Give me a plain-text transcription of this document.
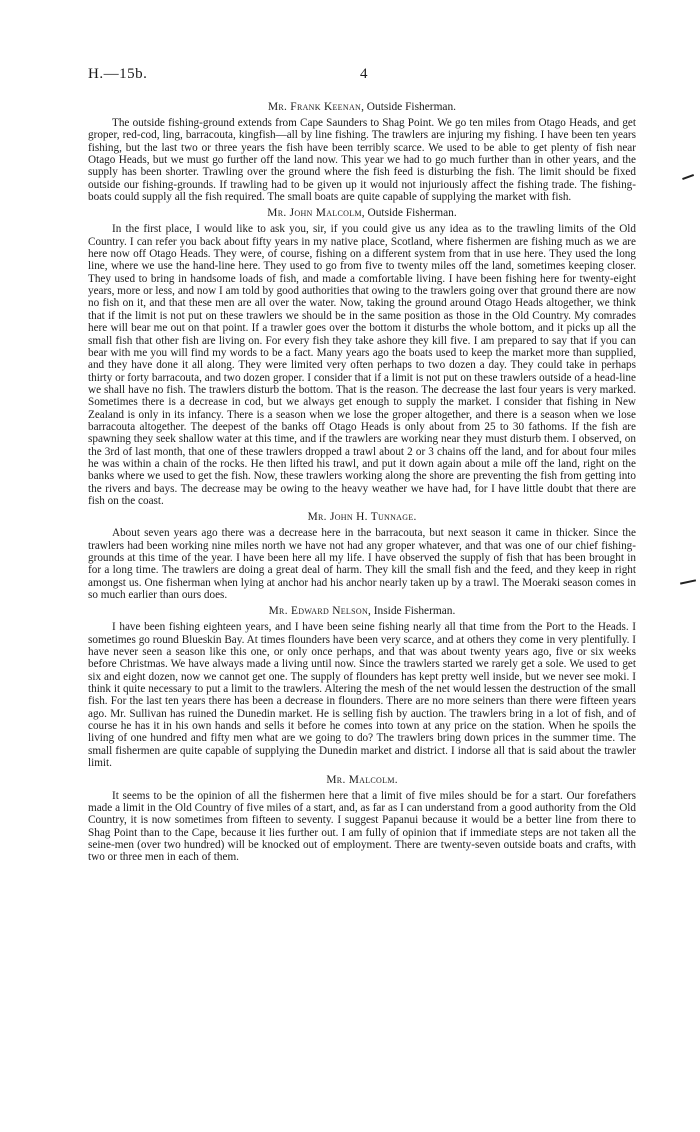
H.—15b.	4
Mr. Frank Keenan, Outside Fisherman.

The outside fishing-ground extends from Cape Saunders to Shag Point. We go ten miles from Otago Heads, and get groper, red-cod, ling, barracouta, kingfish—all by line fishing. The trawlers are injuring my fishing. I have been ten years fishing, but the last two or three years the fish have been terribly scarce. We used to be able to get plenty of fish near Otago Heads, but we must go further off the land now. This year we had to go much further than in other years, and the supply has been shorter. Trawling over the ground where the fish feed is disturbing the fish. The limit should be fixed outside our fishing-grounds. If trawling had to be given up it would not injuriously affect the fishing trade. The fishing-boats could supply all the fish required. The small boats are quite capable of supplying the market with fish.

Mr. John Malcolm, Outside Fisherman.

In the first place, I would like to ask you, sir, if you could give us any idea as to the trawling limits of the Old Country. I can refer you back about fifty years in my native place, Scotland, where fishermen are fishing much as we are here now off Otago Heads. They were, of course, fishing on a different system from that in use here. They used the long line, where we use the hand-line here. They used to go from five to twenty miles off the land, sometimes keeping closer. They used to bring in handsome loads of fish, and made a comfortable living. I have been fishing here for twenty-eight years, more or less, and now I am told by good authorities that owing to the trawlers going over that ground there are now no fish on it, and that these men are all over the water. Now, taking the ground around Otago Heads altogether, we think that if the limit is not put on these trawlers we should be in the same position as those in the Old Country. My comrades here will bear me out on that point. If a trawler goes over the bottom it disturbs the whole bottom, and it picks up all the small fish that other fish are living on. For every fish they take ashore they kill five. I am prepared to say that if you can bear with me you will find my words to be a fact. Many years ago the boats used to keep the market more than supplied, and they have done it all along. They were limited very often perhaps to two dozen a day. They could take in perhaps thirty or forty barracouta, and two dozen groper. I consider that if a limit is not put on these trawlers outside of a head-line we shall have no fish. The trawlers disturb the bottom. That is the reason. The decrease the last four years is very marked. Sometimes there is a decrease in cod, but we always get enough to supply the market. I consider that fishing in New Zealand is only in its infancy. There is a season when we lose the groper altogether, and there is a season when we lose barracouta altogether. The deepest of the banks off Otago Heads is only about from 25 to 30 fathoms. If the fish are spawning they seek shallow water at this time, and if the trawlers are working near they must disturb them. I observed, on the 3rd of last month, that one of these trawlers dropped a trawl about 2 or 3 chains off the land, and for about four miles he was within a chain of the rocks. He then lifted his trawl, and put it down again about a mile off the land, right on the banks where we used to get the fish. Now, these trawlers working along the shore are preventing the fish from getting into the rivers and bays. The decrease may be owing to the heavy weather we have had, for I have little doubt that there are fish on the coast.

Mr. John H. Tunnage.

About seven years ago there was a decrease here in the barracouta, but next season it came in thicker. Since the trawlers had been working nine miles north we have not had any groper whatever, and that was one of our chief fishing-grounds at this time of the year. I have been here all my life. I have observed the supply of fish that has been brought in for a long time. The trawlers are doing a great deal of harm. They kill the small fish and the feed, and they keep in right amongst us. One fisherman when lying at anchor had his anchor nearly taken up by a trawl. The Moeraki season comes in so much earlier than ours does.

Mr. Edward Nelson, Inside Fisherman.

I have been fishing eighteen years, and I have been seine fishing nearly all that time from the Port to the Heads. I sometimes go round Blueskin Bay. At times flounders have been very scarce, and at others they come in very plentifully. I have never seen a season like this one, or only once perhaps, and that was about twenty years ago, five or six weeks before Christmas. We have always made a living until now. Since the trawlers started we rarely get a sole. We used to get six and eight dozen, now we cannot get one. The supply of flounders has kept pretty well inside, but we never see moki. I think it quite necessary to put a limit to the trawlers. Altering the mesh of the net would lessen the destruction of the small fish. For the last ten years there has been a decrease in flounders. There are no more seiners than there were fifteen years ago. Mr. Sullivan has ruined the Dunedin market. He is selling fish by auction. The trawlers bring in a lot of fish, and of course he has it in his own hands and sells it before he comes into town at any price on the station. When he spoils the living of one hundred and fifty men what are we going to do? The trawlers bring down prices in the summer time. The small fishermen are quite capable of supplying the Dunedin market and district. I indorse all that is said about the trawler limit.

Mr. Malcolm.

It seems to be the opinion of all the fishermen here that a limit of five miles should be for a start. Our forefathers made a limit in the Old Country of five miles of a start, and, as far as I can understand from a good authority from the Old Country, it is now sometimes from fifteen to seventy. I suggest Papanui because it would be a better line from there to Shag Point than to the Cape, because it lies further out. I am fully of opinion that if immediate steps are not taken all the seine-men (over two hundred) will be knocked out of employment. There are twenty-seven outside boats and crafts, with two or three men in each of them.
